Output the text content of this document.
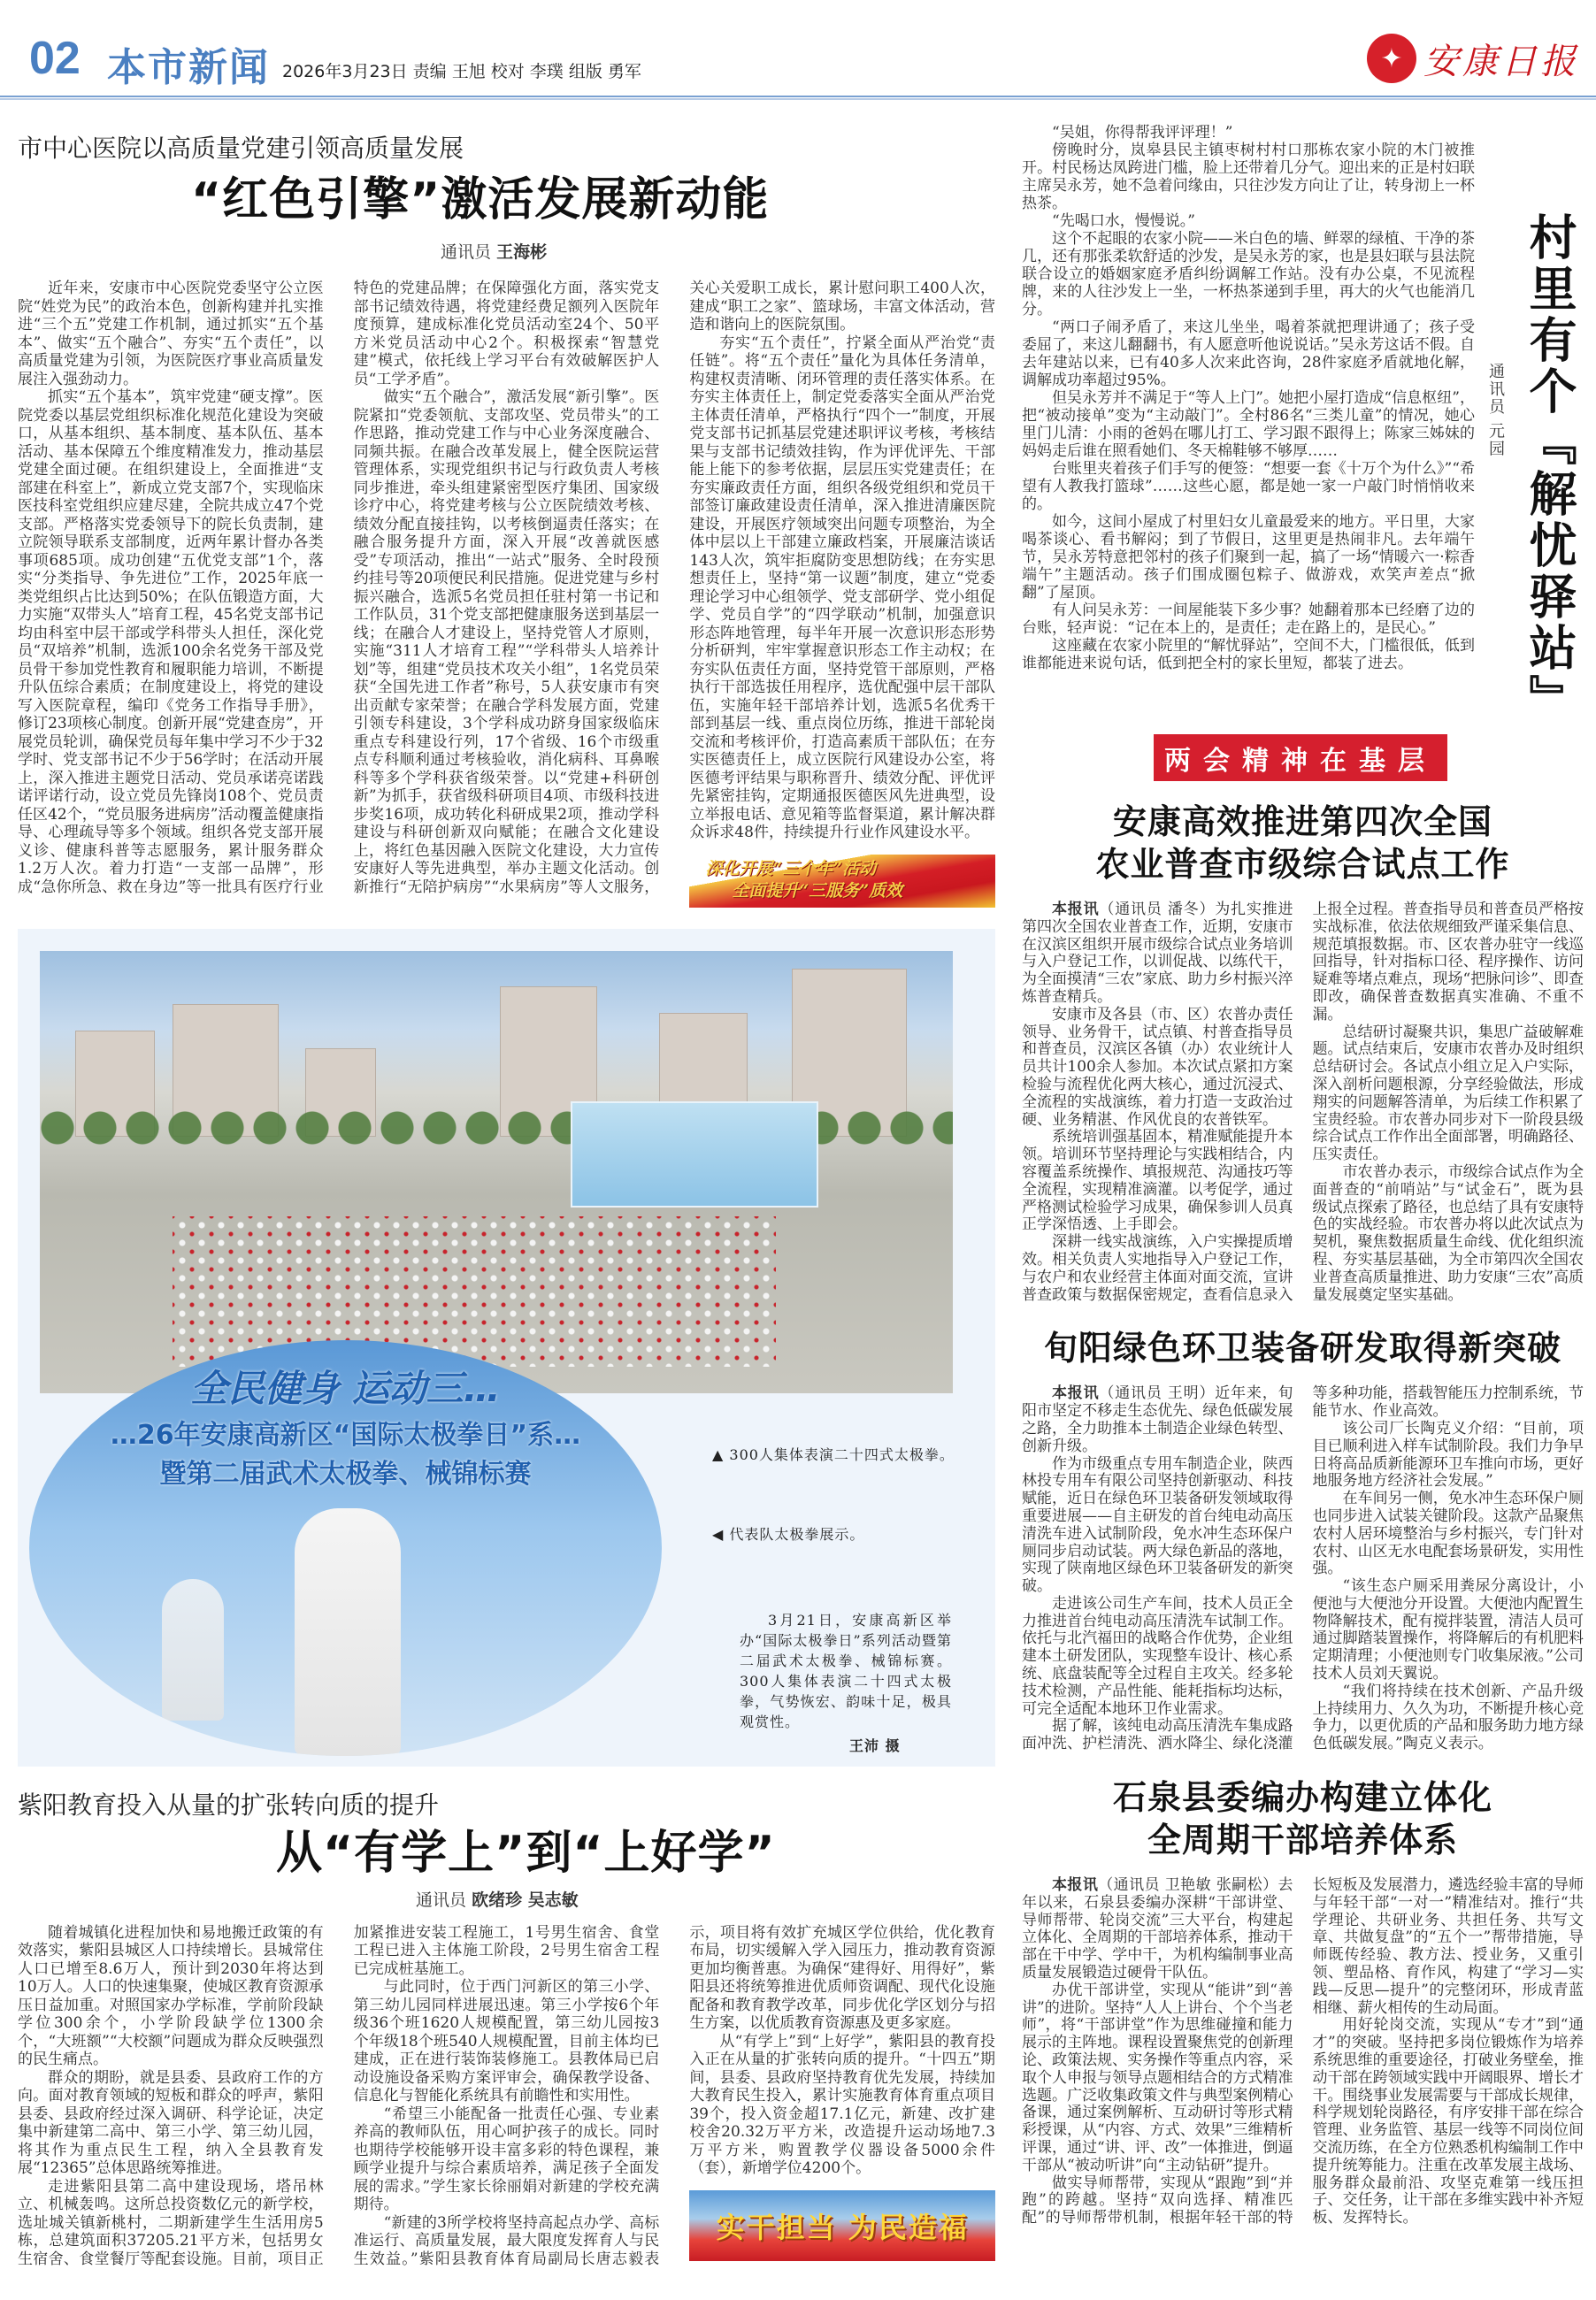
02 本市新闻 2026年3月23日 责编 王旭 校对 李璞 组版 勇军	✦ 安康日报
市中心医院以高质量党建引领高质量发展
“红色引擎”激活发展新动能
通讯员 王海彬

近年来，安康市中心医院党委坚守公立医院“姓党为民”的政治本色，创新构建并扎实推进“三个五”党建工作机制，通过抓实“五个基本”、做实“五个融合”、夯实“五个责任”，以高质量党建为引领，为医院医疗事业高质量发展注入强劲动力。

抓实“五个基本”，筑牢党建“硬支撑”。医院党委以基层党组织标准化规范化建设为突破口，从基本组织、基本制度、基本队伍、基本活动、基本保障五个维度精准发力，推动基层党建全面过硬。在组织建设上，全面推进“支部建在科室上”，新成立党支部7个，实现临床医技科室党组织应建尽建，全院共成立47个党支部。严格落实党委领导下的院长负责制，建立院领导联系支部制度，近两年累计督办各类事项685项。成功创建“五优党支部”1个，落实“分类指导、争先进位”工作，2025年底一类党组织占比达到50%；在队伍锻造方面，大力实施“双带头人”培育工程，45名党支部书记均由科室中层干部或学科带头人担任，深化党员“双培养”机制，选派100余名党务干部及党员骨干参加党性教育和履职能力培训，不断提升队伍综合素质；在制度建设上，将党的建设写入医院章程，编印《党务工作指导手册》，修订23项核心制度。创新开展“党建查房”，开展党员轮训，确保党员每年集中学习不少于32学时、党支部书记不少于56学时；在活动开展上，深入推进主题党日活动、党员承诺亮诺践诺评诺行动，设立党员先锋岗108个、党员责任区42个，“党员服务进病房”活动覆盖健康指导、心理疏导等多个领域。组织各党支部开展义诊、健康科普等志愿服务，累计服务群众1.2万人次。着力打造“一支部一品牌”，形成“急你所急、救在身边”等一批具有医疗行业特色的党建品牌；在保障强化方面，落实党支部书记绩效待遇，将党建经费足额列入医院年度预算，建成标准化党员活动室24个、50平方米党员活动中心2个。积极探索“智慧党建”模式，依托线上学习平台有效破解医护人员“工学矛盾”。

做实“五个融合”，激活发展“新引擎”。医院紧扣“党委领航、支部攻坚、党员带头”的工作思路，推动党建工作与中心业务深度融合、同频共振。在融合改革发展上，健全医院运营管理体系，实现党组织书记与行政负责人考核同步推进，牵头组建紧密型医疗集团、国家级诊疗中心，将党建考核与公立医院绩效考核、绩效分配直接挂钩，以考核倒逼责任落实；在融合服务提升方面，深入开展“改善就医感受”专项活动，推出“一站式”服务、全时段预约挂号等20项便民利民措施。促进党建与乡村振兴融合，选派5名党员担任驻村第一书记和工作队员，31个党支部把健康服务送到基层一线；在融合人才建设上，坚持党管人才原则，实施“311人才培育工程”“学科带头人培养计划”等，组建“党员技术攻关小组”，1名党员荣获“全国先进工作者”称号，5人获安康市有突出贡献专家荣誉；在融合学科发展方面，党建引领专科建设，3个学科成功跻身国家级临床重点专科建设行列，17个省级、16个市级重点专科顺利通过考核验收，消化病科、耳鼻喉科等多个学科获省级荣誉。以“党建+科研创新”为抓手，获省级科研项目4项、市级科技进步奖16项，成功转化科研成果2项，推动学科建设与科研创新双向赋能；在融合文化建设上，将红色基因融入医院文化建设，大力宣传安康好人等先进典型，举办主题文化活动。创新推行“无陪护病房”“水果病房”等人文服务，关心关爱职工成长，累计慰问职工400人次，建成“职工之家”、篮球场，丰富文体活动，营造和谐向上的医院氛围。

夯实“五个责任”，拧紧全面从严治党“责任链”。将“五个责任”量化为具体任务清单，构建权责清晰、闭环管理的责任落实体系。在夯实主体责任上，制定党委落实全面从严治党主体责任清单，严格执行“四个一”制度，开展党支部书记抓基层党建述职评议考核，考核结果与支部书记绩效挂钩，作为评优评先、干部能上能下的参考依据，层层压实党建责任；在夯实廉政责任方面，组织各级党组织和党员干部签订廉政建设责任清单，深入推进清廉医院建设，开展医疗领域突出问题专项整治，为全体中层以上干部建立廉政档案，开展廉洁谈话143人次，筑牢拒腐防变思想防线；在夯实思想责任上，坚持“第一议题”制度，建立“党委理论学习中心组领学、党支部研学、党小组促学、党员自学”的“四学联动”机制，加强意识形态阵地管理，每半年开展一次意识形态形势分析研判，牢牢掌握意识形态工作主动权；在夯实队伍责任方面，坚持党管干部原则，严格执行干部选拔任用程序，选优配强中层干部队伍，实施年轻干部培养计划，选派5名优秀干部到基层一线、重点岗位历练，推进干部轮岗交流和考核评价，打造高素质干部队伍；在夯实医德责任上，成立医院行风建设办公室，将医德考评结果与职称晋升、绩效分配、评优评先紧密挂钩，定期通报医德医风先进典型，设立举报电话、意见箱等监督渠道，累计解决群众诉求48件，持续提升行业作风建设水平。

深化开展“三个年”活动
全面提升“三服务”质效
全民健身 运动三…
…26年安康高新区“国际太极拳日”系…
暨第二届武术太极拳、械锦标赛
▲ 300人集体表演二十四式太极拳。
◀ 代表队太极拳展示。
3月21日，安康高新区举办“国际太极拳日”系列活动暨第二届武术太极拳、械锦标赛。300人集体表演二十四式太极拳，气势恢宏、韵味十足，极具观赏性。
王沛 摄
紫阳教育投入从量的扩张转向质的提升
从“有学上”到“上好学”
通讯员 欧绪珍 吴志敏

随着城镇化进程加快和易地搬迁政策的有效落实，紫阳县城区人口持续增长。县城常住人口已增至8.6万人，预计到2030年将达到10万人。人口的快速集聚，使城区教育资源承压日益加重。对照国家办学标准，学前阶段缺学位300余个，小学阶段缺学位1300余个，“大班额”“大校额”问题成为群众反映强烈的民生痛点。

群众的期盼，就是县委、县政府工作的方向。面对教育领域的短板和群众的呼声，紫阳县委、县政府经过深入调研、科学论证，决定集中新建第二高中、第三小学、第三幼儿园，将其作为重点民生工程，纳入全县教育发展“12365”总体思路统筹推进。

走进紫阳县第二高中建设现场，塔吊林立、机械轰鸣。这所总投资数亿元的新学校，选址城关镇新桃村，二期新建学生生活用房5栋，总建筑面积37205.21平方米，包括男女生宿舍、食堂餐厅等配套设施。目前，项目正加紧推进安装工程施工，1号男生宿舍、食堂工程已进入主体施工阶段，2号男生宿舍工程已完成桩基施工。

与此同时，位于西门河新区的第三小学、第三幼儿园同样进展迅速。第三小学按6个年级36个班1620人规模配置，第三幼儿园按3个年级18个班540人规模配置，目前主体均已建成，正在进行装饰装修施工。县教体局已启动设施设备采购方案评审会，确保教学设备、信息化与智能化系统具有前瞻性和实用性。

“希望三小能配备一批责任心强、专业素养高的教师队伍，用心呵护孩子的成长。同时也期待学校能够开设丰富多彩的特色课程，兼顾学业提升与综合素质培养，满足孩子全面发展的需求。”学生家长徐丽娟对新建的学校充满期待。

“新建的3所学校将坚持高起点办学、高标准运行、高质量发展，最大限度发挥育人与民生效益。”紫阳县教育体育局副局长唐志毅表示，项目将有效扩充城区学位供给，优化教育布局，切实缓解入学入园压力，推动教育资源更加均衡普惠。为确保“建得好、用得好”，紫阳县还将统筹推进优质师资调配、现代化设施配备和教育教学改革，同步优化学区划分与招生方案，以优质教育资源惠及更多家庭。

从“有学上”到“上好学”，紫阳县的教育投入正在从量的扩张转向质的提升。“十四五”期间，县委、县政府坚持教育优先发展，持续加大教育民生投入，累计实施教育体育重点项目39个，投入资金超17.1亿元，新建、改扩建校舍20.32万平方米，改造提升运动场地7.3万平方米，购置教学仪器设备5000余件（套），新增学位4200个。

实干担当 为民造福

“吴姐，你得帮我评评理！”

傍晚时分，岚皋县民主镇枣树村村口那栋农家小院的木门被推开。村民杨达凤跨进门槛，脸上还带着几分气。迎出来的正是村妇联主席吴永芳，她不急着问缘由，只往沙发方向让了让，转身沏上一杯热茶。

“先喝口水，慢慢说。”

这个不起眼的农家小院——米白色的墙、鲜翠的绿植、干净的茶几，还有那张柔软舒适的沙发，是吴永芳的家，也是县妇联与县法院联合设立的婚姻家庭矛盾纠纷调解工作站。没有办公桌，不见流程牌，来的人往沙发上一坐，一杯热茶递到手里，再大的火气也能消几分。

“两口子闹矛盾了，来这儿坐坐，喝着茶就把理讲通了；孩子受委屈了，来这儿翻翻书，有人愿意听他说说话。”吴永芳这话不假。自去年建站以来，已有40多人次来此咨询，28件家庭矛盾就地化解，调解成功率超过95%。

但吴永芳并不满足于“等人上门”。她把小屋打造成“信息枢纽”，把“被动接单”变为“主动敲门”。全村86名“三类儿童”的情况，她心里门儿清：小雨的爸妈在哪儿打工、学习跟不跟得上；陈家三姊妹的妈妈走后谁在照看她们、冬天棉鞋够不够厚……

台账里夹着孩子们手写的便签：“想要一套《十万个为什么》”“希望有人教我打篮球”……这些心愿，都是她一家一户敲门时悄悄收来的。

如今，这间小屋成了村里妇女儿童最爱来的地方。平日里，大家喝茶谈心、看书解闷；到了节假日，这里更是热闹非凡。去年端午节，吴永芳特意把邻村的孩子们聚到一起，搞了一场“情暖六一·粽香端午”主题活动。孩子们围成圈包粽子、做游戏，欢笑声差点“掀翻”了屋顶。

有人问吴永芳：一间屋能装下多少事？她翻着那本已经磨了边的台账，轻声说：“记在本上的，是责任；走在路上的，是民心。”

这座藏在农家小院里的“解忧驿站”，空间不大，门槛很低，低到谁都能进来说句话，低到把全村的家长里短，都装了进去。

通讯员 元园 村里有个『解忧驿站』
两会精神在基层
安康高效推进第四次全国
农业普查市级综合试点工作

本报讯（通讯员 潘冬）为扎实推进第四次全国农业普查工作，近期，安康市在汉滨区组织开展市级综合试点业务培训与入户登记工作，以训促战、以练代干，为全面摸清“三农”家底、助力乡村振兴淬炼普查精兵。

安康市及各县（市、区）农普办责任领导、业务骨干，试点镇、村普查指导员和普查员，汉滨区各镇（办）农业统计人员共计100余人参加。本次试点紧扣方案检验与流程优化两大核心，通过沉浸式、全流程的实战演练，着力打造一支政治过硬、业务精湛、作风优良的农普铁军。

系统培训强基固本，精准赋能提升本领。培训环节坚持理论与实践相结合，内容覆盖系统操作、填报规范、沟通技巧等全流程，实现精准滴灌。以考促学，通过严格测试检验学习成果，确保参训人员真正学深悟透、上手即会。

深耕一线实战演练，入户实操提质增效。相关负责人实地指导入户登记工作，与农户和农业经营主体面对面交流，宣讲普查政策与数据保密规定，查看信息录入上报全过程。普查指导员和普查员严格按实战标准，依法依规细致严谨采集信息、规范填报数据。市、区农普办驻守一线巡回指导，针对指标口径、程序操作、访问疑难等堵点难点，现场“把脉问诊”、即查即改，确保普查数据真实准确、不重不漏。

总结研讨凝聚共识，集思广益破解难题。试点结束后，安康市农普办及时组织总结研讨会。各试点小组立足入户实际，深入剖析问题根源，分享经验做法，形成翔实的问题解答清单，为后续工作积累了宝贵经验。市农普办同步对下一阶段县级综合试点工作作出全面部署，明确路径、压实责任。

市农普办表示，市级综合试点作为全面普查的“前哨站”与“试金石”，既为县级试点探索了路径，也总结了具有安康特色的实战经验。市农普办将以此次试点为契机，聚焦数据质量生命线、优化组织流程、夯实基层基础，为全市第四次全国农业普查高质量推进、助力安康“三农”高质量发展奠定坚实基础。

旬阳绿色环卫装备研发取得新突破

本报讯（通讯员 王明）近年来，旬阳市坚定不移走生态优先、绿色低碳发展之路，全力助推本土制造企业绿色转型、创新升级。

作为市级重点专用车制造企业，陕西林投专用车有限公司坚持创新驱动、科技赋能，近日在绿色环卫装备研发领域取得重要进展——自主研发的首台纯电动高压清洗车进入试制阶段，免水冲生态环保户厕同步启动试装。两大绿色新品的落地，实现了陕南地区绿色环卫装备研发的新突破。

走进该公司生产车间，技术人员正全力推进首台纯电动高压清洗车试制工作。依托与北汽福田的战略合作优势，企业组建本土研发团队，实现整车设计、核心系统、底盘装配等全过程自主攻关。经多轮技术检测，产品性能、能耗指标均达标，可完全适配本地环卫作业需求。

据了解，该纯电动高压清洗车集成路面冲洗、护栏清洗、洒水降尘、绿化浇灌等多种功能，搭载智能压力控制系统，节能节水、作业高效。

该公司厂长陶克义介绍：“目前，项目已顺利进入样车试制阶段。我们力争早日将高品质新能源环卫车推向市场，更好地服务地方经济社会发展。”

在车间另一侧，免水冲生态环保户厕也同步进入试装关键阶段。这款产品聚焦农村人居环境整治与乡村振兴，专门针对农村、山区无水电配套场景研发，实用性强。

“该生态户厕采用粪尿分离设计，小便池与大便池分开设置。大便池内配置生物降解技术，配有搅拌装置，清洁人员可通过脚踏装置操作，将降解后的有机肥料定期清理；小便池则专门收集尿液。”公司技术人员刘天翼说。

“我们将持续在技术创新、产品升级上持续用力、久久为功，不断提升核心竞争力，以更优质的产品和服务助力地方绿色低碳发展。”陶克义表示。

石泉县委编办构建立体化
全周期干部培养体系

本报讯（通讯员 卫艳敏 张嗣松）去年以来，石泉县委编办深耕“干部讲堂、导师帮带、轮岗交流”三大平台，构建起立体化、全周期的干部培养体系，推动干部在干中学、学中干，为机构编制事业高质量发展锻造过硬骨干队伍。

办优干部讲堂，实现从“能讲”到“善讲”的进阶。坚持“人人上讲台、个个当老师”，将“干部讲堂”作为思维碰撞和能力展示的主阵地。课程设置聚焦党的创新理论、政策法规、实务操作等重点内容，采取个人申报与领导点题相结合的方式精准选题。广泛收集政策文件与典型案例精心备课，通过案例解析、互动研讨等形式精彩授课，从“内容、方式、效果”三维精析评课，通过“讲、评、改”一体推进，倒逼干部从“被动听讲”向“主动钻研”提升。

做实导师帮带，实现从“跟跑”到“并跑”的跨越。坚持“双向选择、精准匹配”的导师帮带机制，根据年轻干部的特长短板及发展潜力，遴选经验丰富的导师与年轻干部“一对一”精准结对。推行“共学理论、共研业务、共担任务、共写文章、共做复盘”的“五个一”帮带措施，导师既传经验、教方法、授业务，又重引领、塑品格、育作风，构建了“学习—实践—反思—提升”的完整闭环，形成青蓝相继、薪火相传的生动局面。

用好轮岗交流，实现从“专才”到“通才”的突破。坚持把多岗位锻炼作为培养系统思维的重要途径，打破业务壁垒，推动干部在跨领域实践中开阔眼界、增长才干。围绕事业发展需要与干部成长规律，科学规划轮岗路径，有序安排干部在综合管理、业务监管、基层一线等不同岗位间交流历练，在全方位熟悉机构编制工作中提升统筹能力。注重在改革发展主战场、服务群众最前沿、攻坚克难第一线压担子、交任务，让干部在多维实践中补齐短板、发挥特长。
